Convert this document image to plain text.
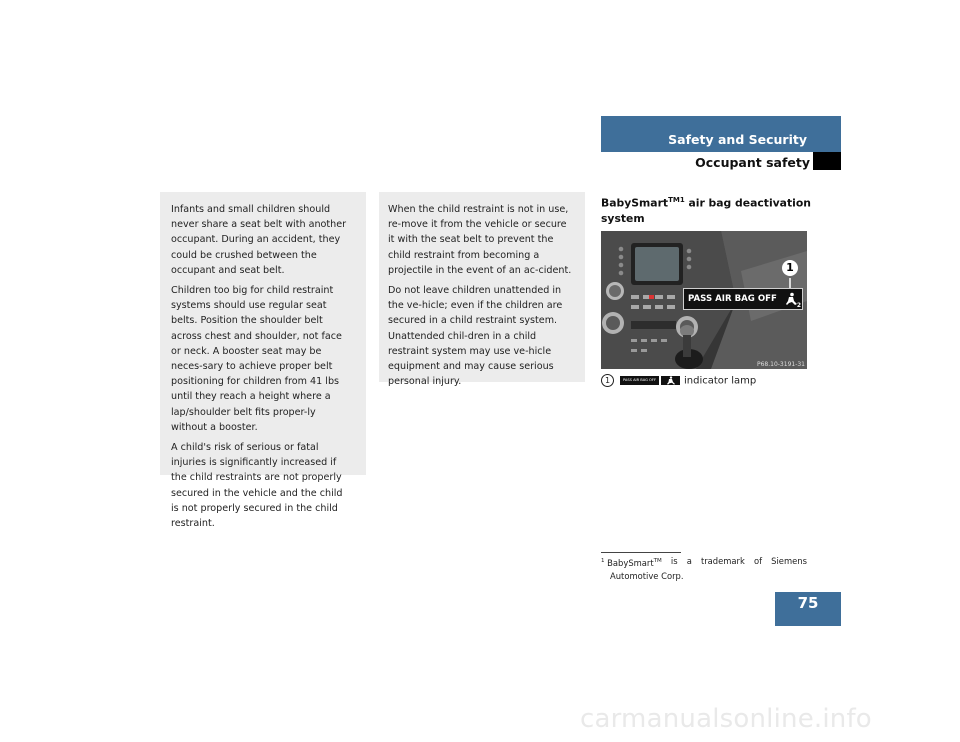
Safety and Security
Occupant safety

Infants and small children should never share a seat belt with another occupant. During an accident, they could be crushed between the occupant and seat belt.

Children too big for child restraint systems should use regular seat belts. Position the shoulder belt across chest and shoulder, not face or neck. A booster seat may be neces-sary to achieve proper belt positioning for children from 41 lbs until they reach a height where a lap/shoulder belt fits proper-ly without a booster.

A child's risk of serious or fatal injuries is significantly increased if the child restraints are not properly secured in the vehicle and the child is not properly secured in the child restraint.

When the child restraint is not in use, re-move it from the vehicle or secure it with the seat belt to prevent the child restraint from becoming a projectile in the event of an ac-cident.

Do not leave children unattended in the ve-hicle; even if the children are secured in a child restraint system. Unattended chil-dren in a child restraint system may use ve-hicle equipment and may cause serious personal injury.

BabySmart$^{TM1}$ air bag deactivation system
1
PASS AIR BAG OFF
2
P68.10-3191-31
1	PASS AIR BAG OFF	indicator lamp
$^1$ BabySmart™ is a trademark of Siemens
Automotive Corp.
75
carmanualsonline.info
